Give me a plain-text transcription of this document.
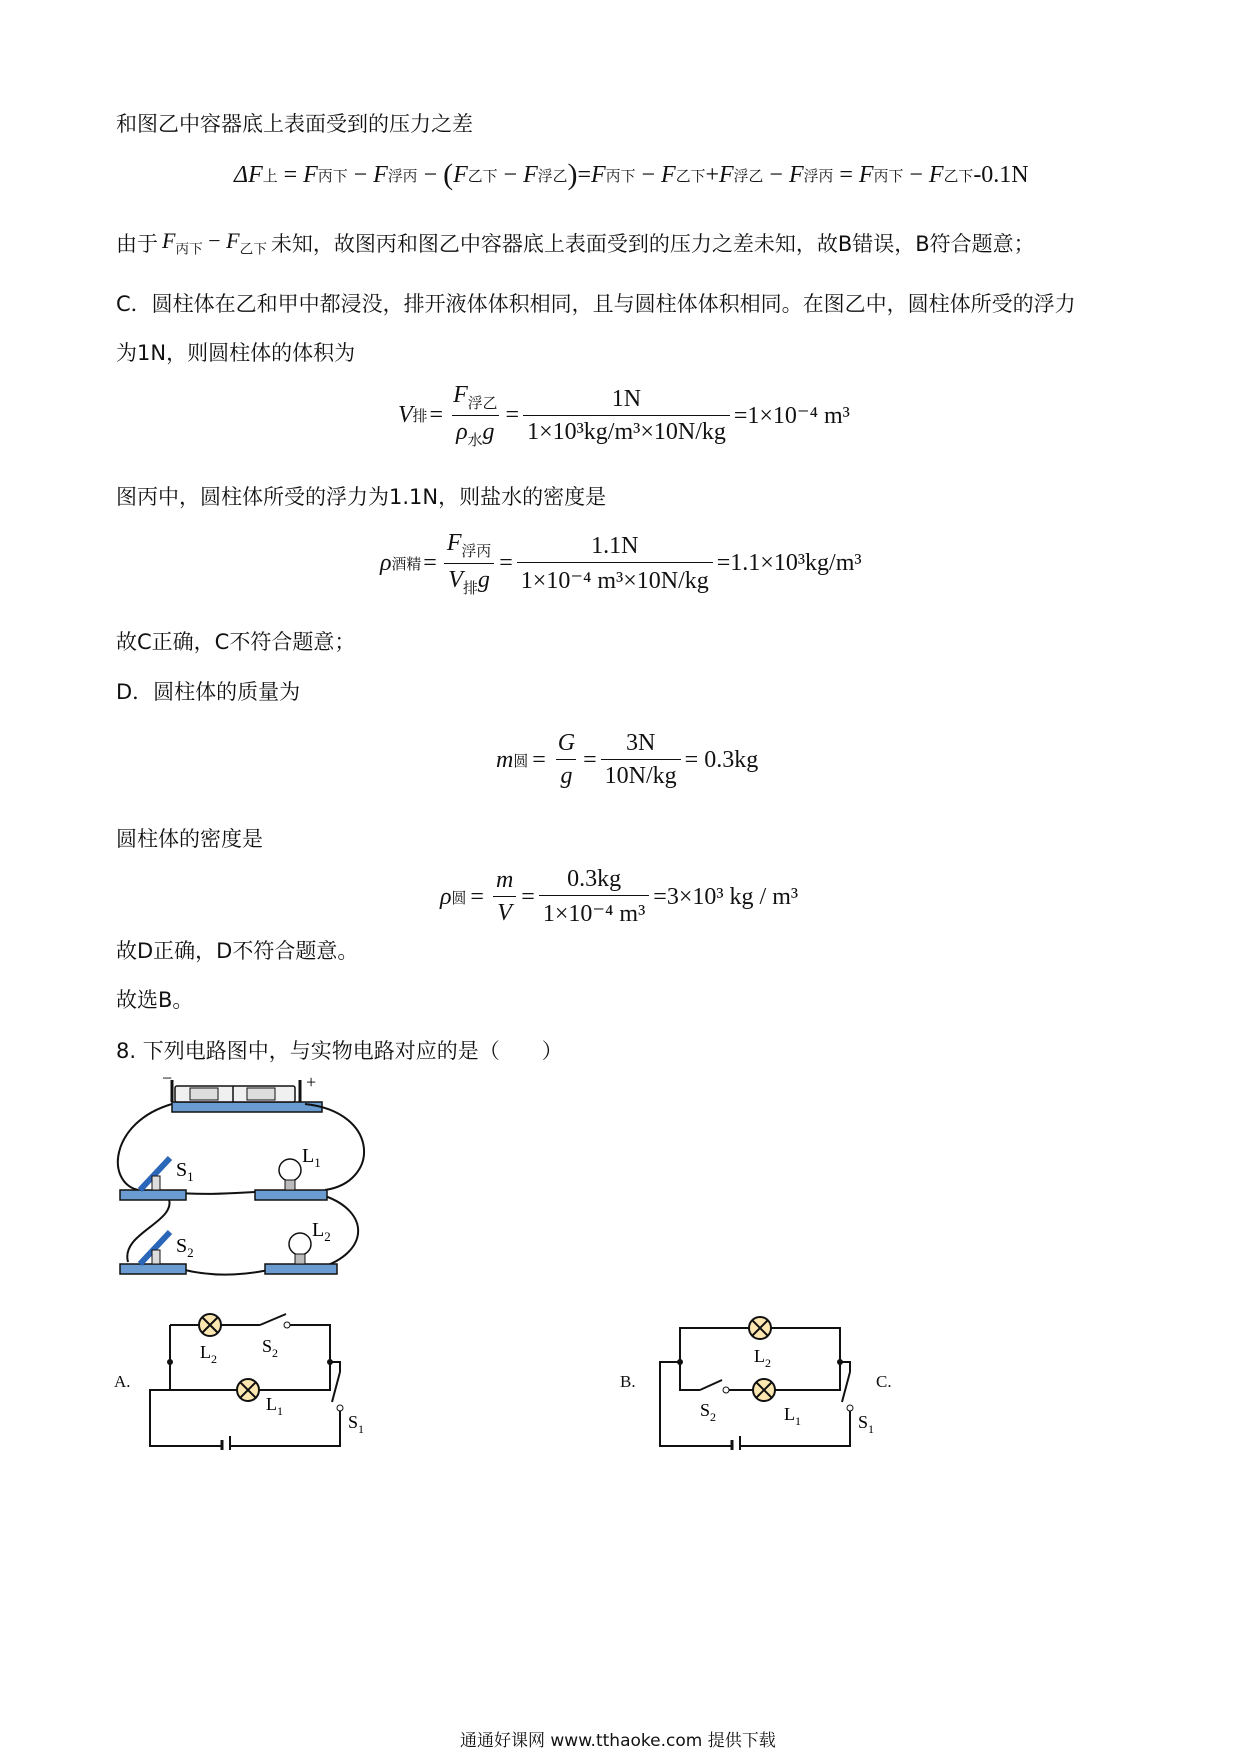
和图乙中容器底上表面受到的压力之差
ΔF 上 = F 丙下 − F 浮丙 − ( F 乙下 − F 浮乙 ) = F 丙下 − F 乙下 + F 浮乙 − F 浮丙 = F 丙下 − F 乙下 -0.1N
由于 $F_{丙下} - F_{乙下}$ 未知，故图丙和图乙中容器底上表面受到的压力之差未知，故B错误，B符合题意；
C．圆柱体在乙和甲中都浸没，排开液体体积相同，且与圆柱体体积相同。在图乙中，圆柱体所受的浮力
为1N，则圆柱体的体积为
V 排 = $\frac{F_{浮乙}}{\rho_水g} = \frac{1N}{\text{1×10³kg/m³×10N/kg}} =1\times 10^{-4}$ m³
图丙中，圆柱体所受的浮力为1.1N，则盐水的密度是
ρ 酒精 = $\frac{F_{浮丙}}{V_排g} = \frac{1.1N}{\text{1×10⁻⁴ m³×10N/kg}} =1.1\times 10^3kg/m^3$
故C正确，C不符合题意；
D．圆柱体的质量为
m 圆 = $\frac{G}{g} = \frac{3N}{10N/kg} = 0.3kg$
圆柱体的密度是
ρ 圆 = $\frac{m}{V} = \frac{0.3kg}{\text{1×10⁻⁴ m³}} =3\times 10^3$ kg / m³
故D正确，D不符合题意。
故选B。
8. 下列电路图中，与实物电路对应的是（　　）
−	+
$S_1$
$L_1$
$S_2$
$L_2$
A.
$L_2$
$L_1$
$S_2$
$S_1$
B.
$L_2$
$S_2$	$L_1$	$S_1$
C.
通通好课网 www.tthaoke.com 提供下载
